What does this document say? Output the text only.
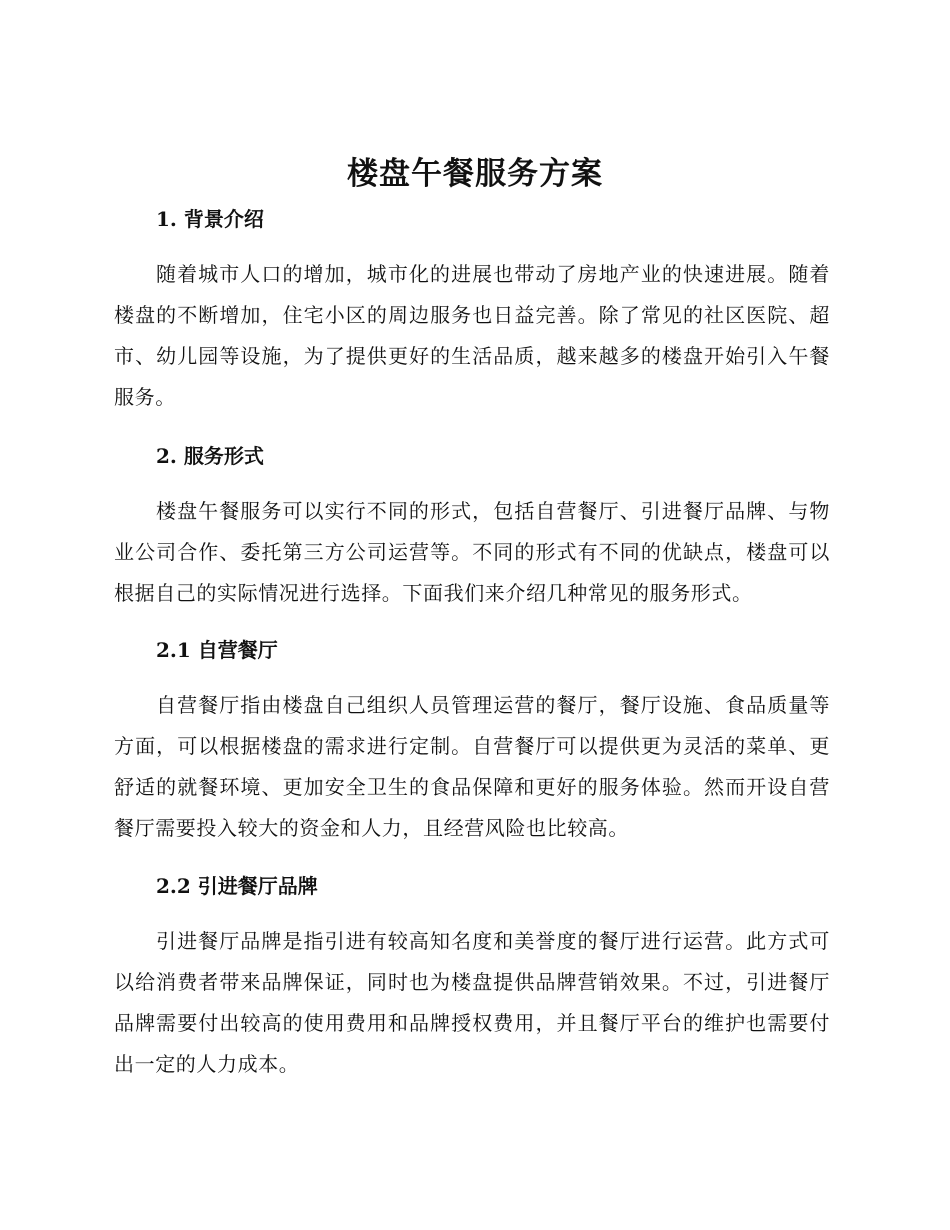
楼盘午餐服务方案
1. 背景介绍

随着城市人口的增加，城市化的进展也带动了房地产业的快速进展。随着楼盘的不断增加，住宅小区的周边服务也日益完善。除了常见的社区医院、超市、幼儿园等设施，为了提供更好的生活品质，越来越多的楼盘开始引入午餐服务。

2. 服务形式

楼盘午餐服务可以实行不同的形式，包括自营餐厅、引进餐厅品牌、与物业公司合作、委托第三方公司运营等。不同的形式有不同的优缺点，楼盘可以根据自己的实际情况进行选择。下面我们来介绍几种常见的服务形式。

2.1 自营餐厅

自营餐厅指由楼盘自己组织人员管理运营的餐厅，餐厅设施、食品质量等方面，可以根据楼盘的需求进行定制。自营餐厅可以提供更为灵活的菜单、更舒适的就餐环境、更加安全卫生的食品保障和更好的服务体验。然而开设自营餐厅需要投入较大的资金和人力，且经营风险也比较高。

2.2 引进餐厅品牌

引进餐厅品牌是指引进有较高知名度和美誉度的餐厅进行运营。此方式可以给消费者带来品牌保证，同时也为楼盘提供品牌营销效果。不过，引进餐厅品牌需要付出较高的使用费用和品牌授权费用，并且餐厅平台的维护也需要付出一定的人力成本。
